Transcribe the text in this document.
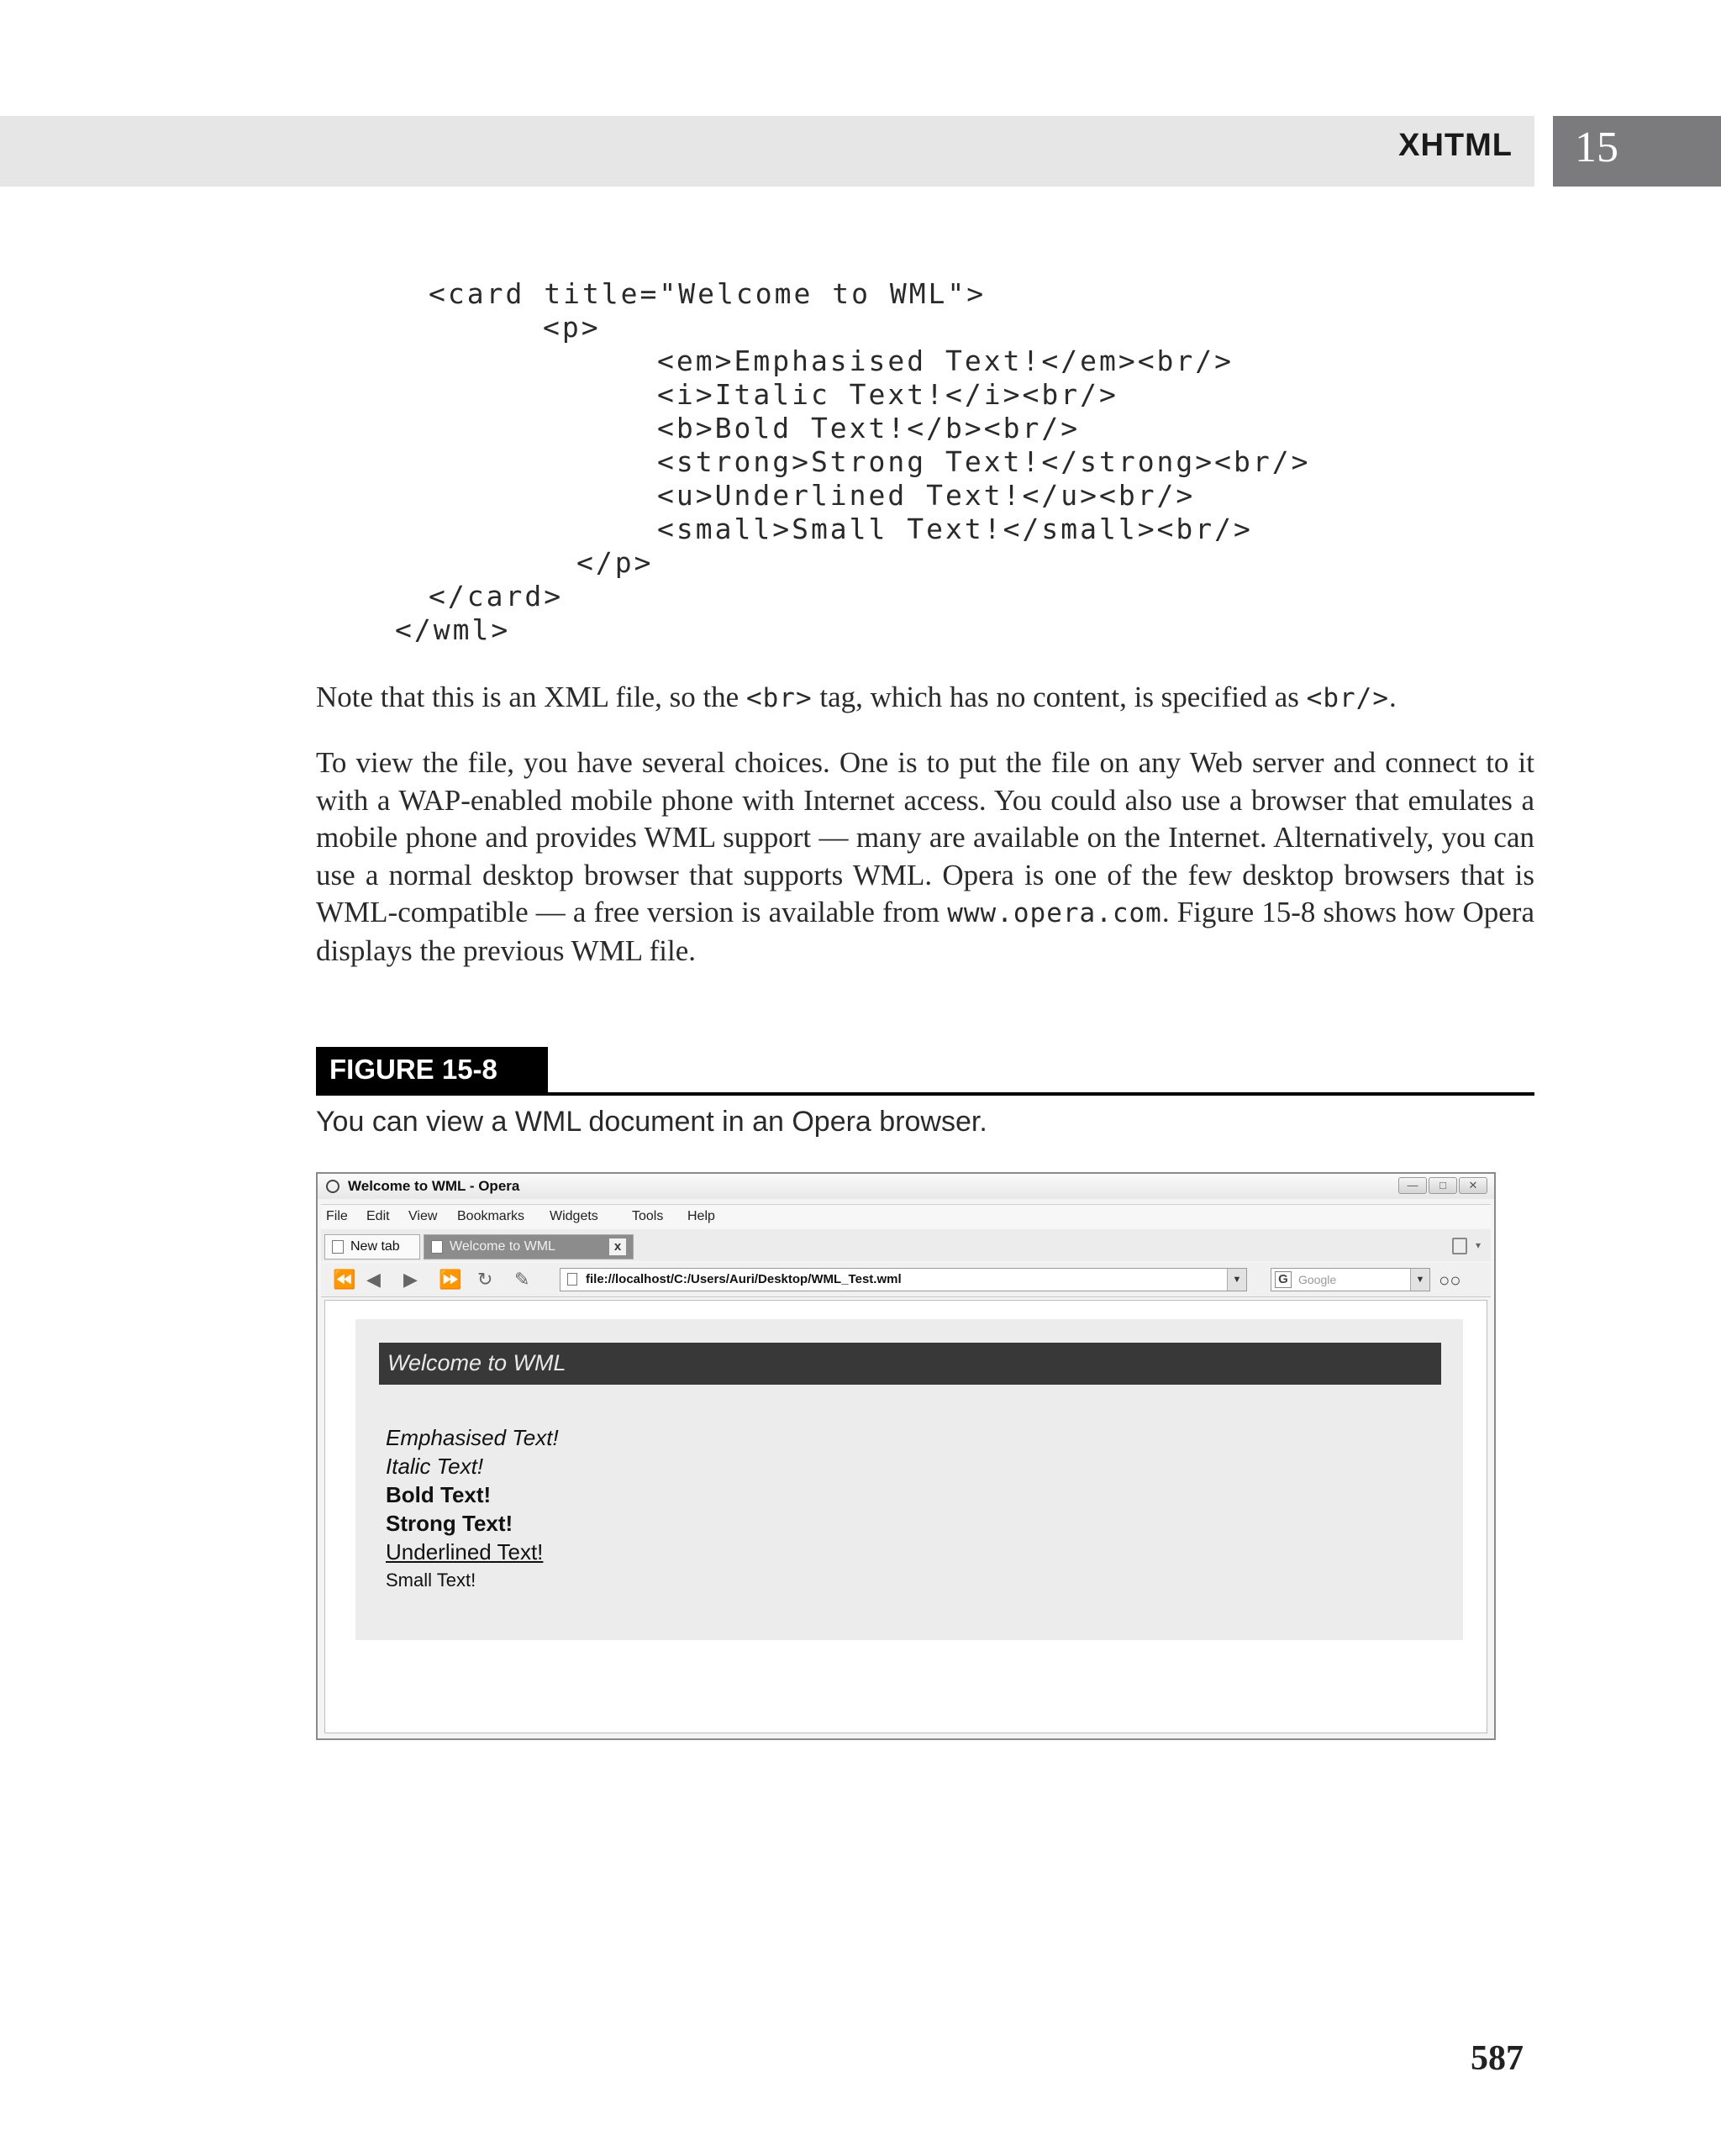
XHTML 15
<card title="Welcome to WML">
<p>
<em>Emphasised Text!</em><br/>
<i>Italic Text!</i><br/>
<b>Bold Text!</b><br/>
<strong>Strong Text!</strong><br/>
<u>Underlined Text!</u><br/>
<small>Small Text!</small><br/>
</p>
</card>
</wml>
Note that this is an XML file, so the <br> tag, which has no content, is specified as <br/>.
To view the file, you have several choices. One is to put the file on any Web server and connect to it with a WAP-enabled mobile phone with Internet access. You could also use a browser that emulates a mobile phone and provides WML support — many are available on the Internet. Alternatively, you can use a normal desktop browser that supports WML. Opera is one of the few desktop browsers that is WML-compatible — a free version is available from www.opera.com. Figure 15-8 shows how Opera displays the previous WML file.
FIGURE 15-8
You can view a WML document in an Opera browser.
Welcome to WML - Opera	— □ ✕
File Edit View Bookmarks Widgets	Tools Help
New tab	Welcome to WML	x	▾
⏪ ◀ ▶ ⏩ ↻ ✎	file://localhost/C:/Users/Auri/Desktop/WML_Test.wml	▼	G Google	▼ ○○
Welcome to WML
Emphasised Text!
Italic Text!
Bold Text!
Strong Text!
Underlined Text!
Small Text!
587
